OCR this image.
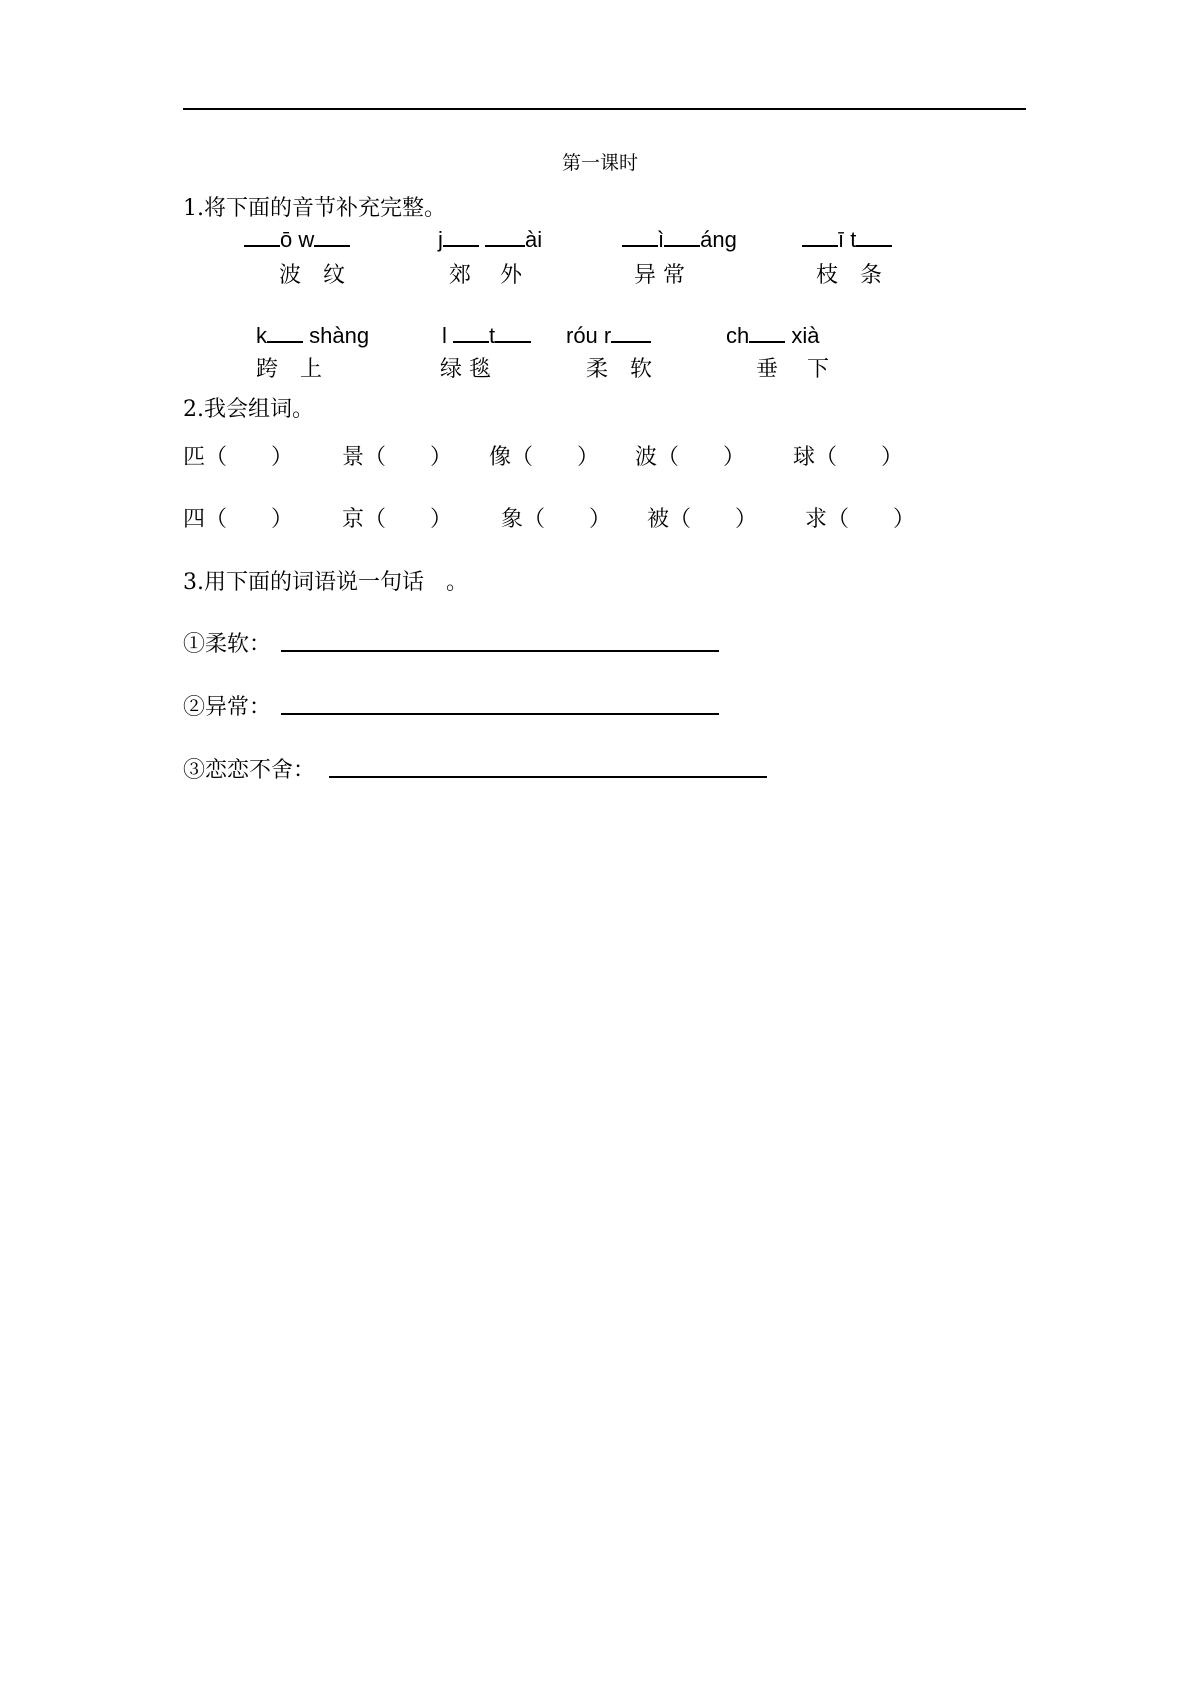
第一课时
1.将下面的音节补充完整。
ō w	j	ài	ì áng	ī t
波　纹	郊　 外	异 常	枝　条
k shàng	l t	róu r	ch xià
跨　上	绿 毯	柔　软	垂　 下
2.我会组词。
匹（　　） 景（　　） 像（　　） 波（　　） 球（　　）
四（　　） 京（　　） 象（　　） 被（　　） 求（　　）
3.用下面的词语说一句话　。
①柔软：
②异常：
③恋恋不舍：
